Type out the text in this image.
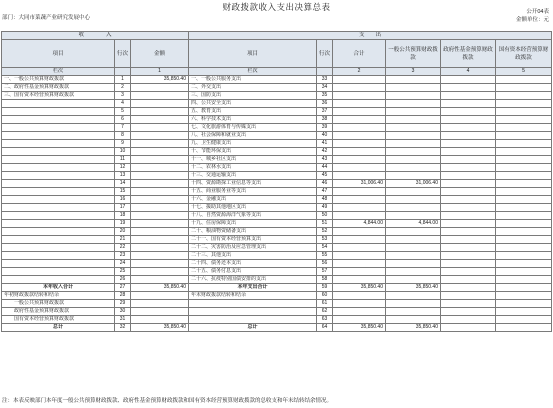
财政拨款收入支出决算总表	公开04表
金额单位：元
部门：大同市菜蔬产业研究发展中心
收　　　　入			支　　出					
项目	行次	金额	项目	行次	合计	一般公共预算财政拨款	政府性基金预算财政拨款	国有资本经营预算财政拨款
栏次		1	栏次		2	3	4	5
一、一般公共预算财政拨款	1	35,850.40	一、一般公共服务支出	33				
二、政府性基金预算财政拨款	2		二、外交支出	34				
三、国有资本经营预算财政拨款	3		三、国防支出	35				
	4		四、公共安全支出	36				
	5		五、教育支出	37				
	6		六、科学技术支出	38				
	7		七、文化旅游体育与传媒支出	39				
	8		八、社会保障和就业支出	40				
	9		九、卫生健康支出	41				
	10		十、节能环保支出	42				
	11		十一、城乡社区支出	43				
	12		十二、农林水支出	44				
	13		十三、交通运输支出	45				
	14		十四、资源勘探工业信息等支出	46	31,006.40	31,006.40		
	15		十五、商业服务业等支出	47				
	16		十六、金融支出	48				
	17		十七、援助其他地区支出	49				
	18		十八、自然资源海洋气象等支出	50				
	19		十九、住房保障支出	51	4,844.00	4,844.00		
	20		二十、粮油物资储备支出	52				
	21		二十一、国有资本经营预算支出	53				
	22		二十二、灾害防治及应急管理支出	54				
	23		二十三、其他支出	55				
	24		二十四、债务还本支出	56				
	25		二十五、债务付息支出	57				
	26		二十六、抗疫特别国债安排的支出	58				
本年收入合计	27	35,850.40	本年支出合计	59	35,850.40	35,850.40		
年初财政拨款结转和结余	28		年末财政拨款结转和结余	60				
一般公共预算财政拨款	29			61				
政府性基金预算财政拨款	30			62				
国有资本经营预算财政拨款	31			63				
总计	32	35,850.40	总计	64	35,850.40	35,850.40		
注：本表反映部门本年度一般公共预算财政拨款、政府性基金预算财政拨款和国有资本经营预算财政拨款的总收支和年末结转结余情况。
